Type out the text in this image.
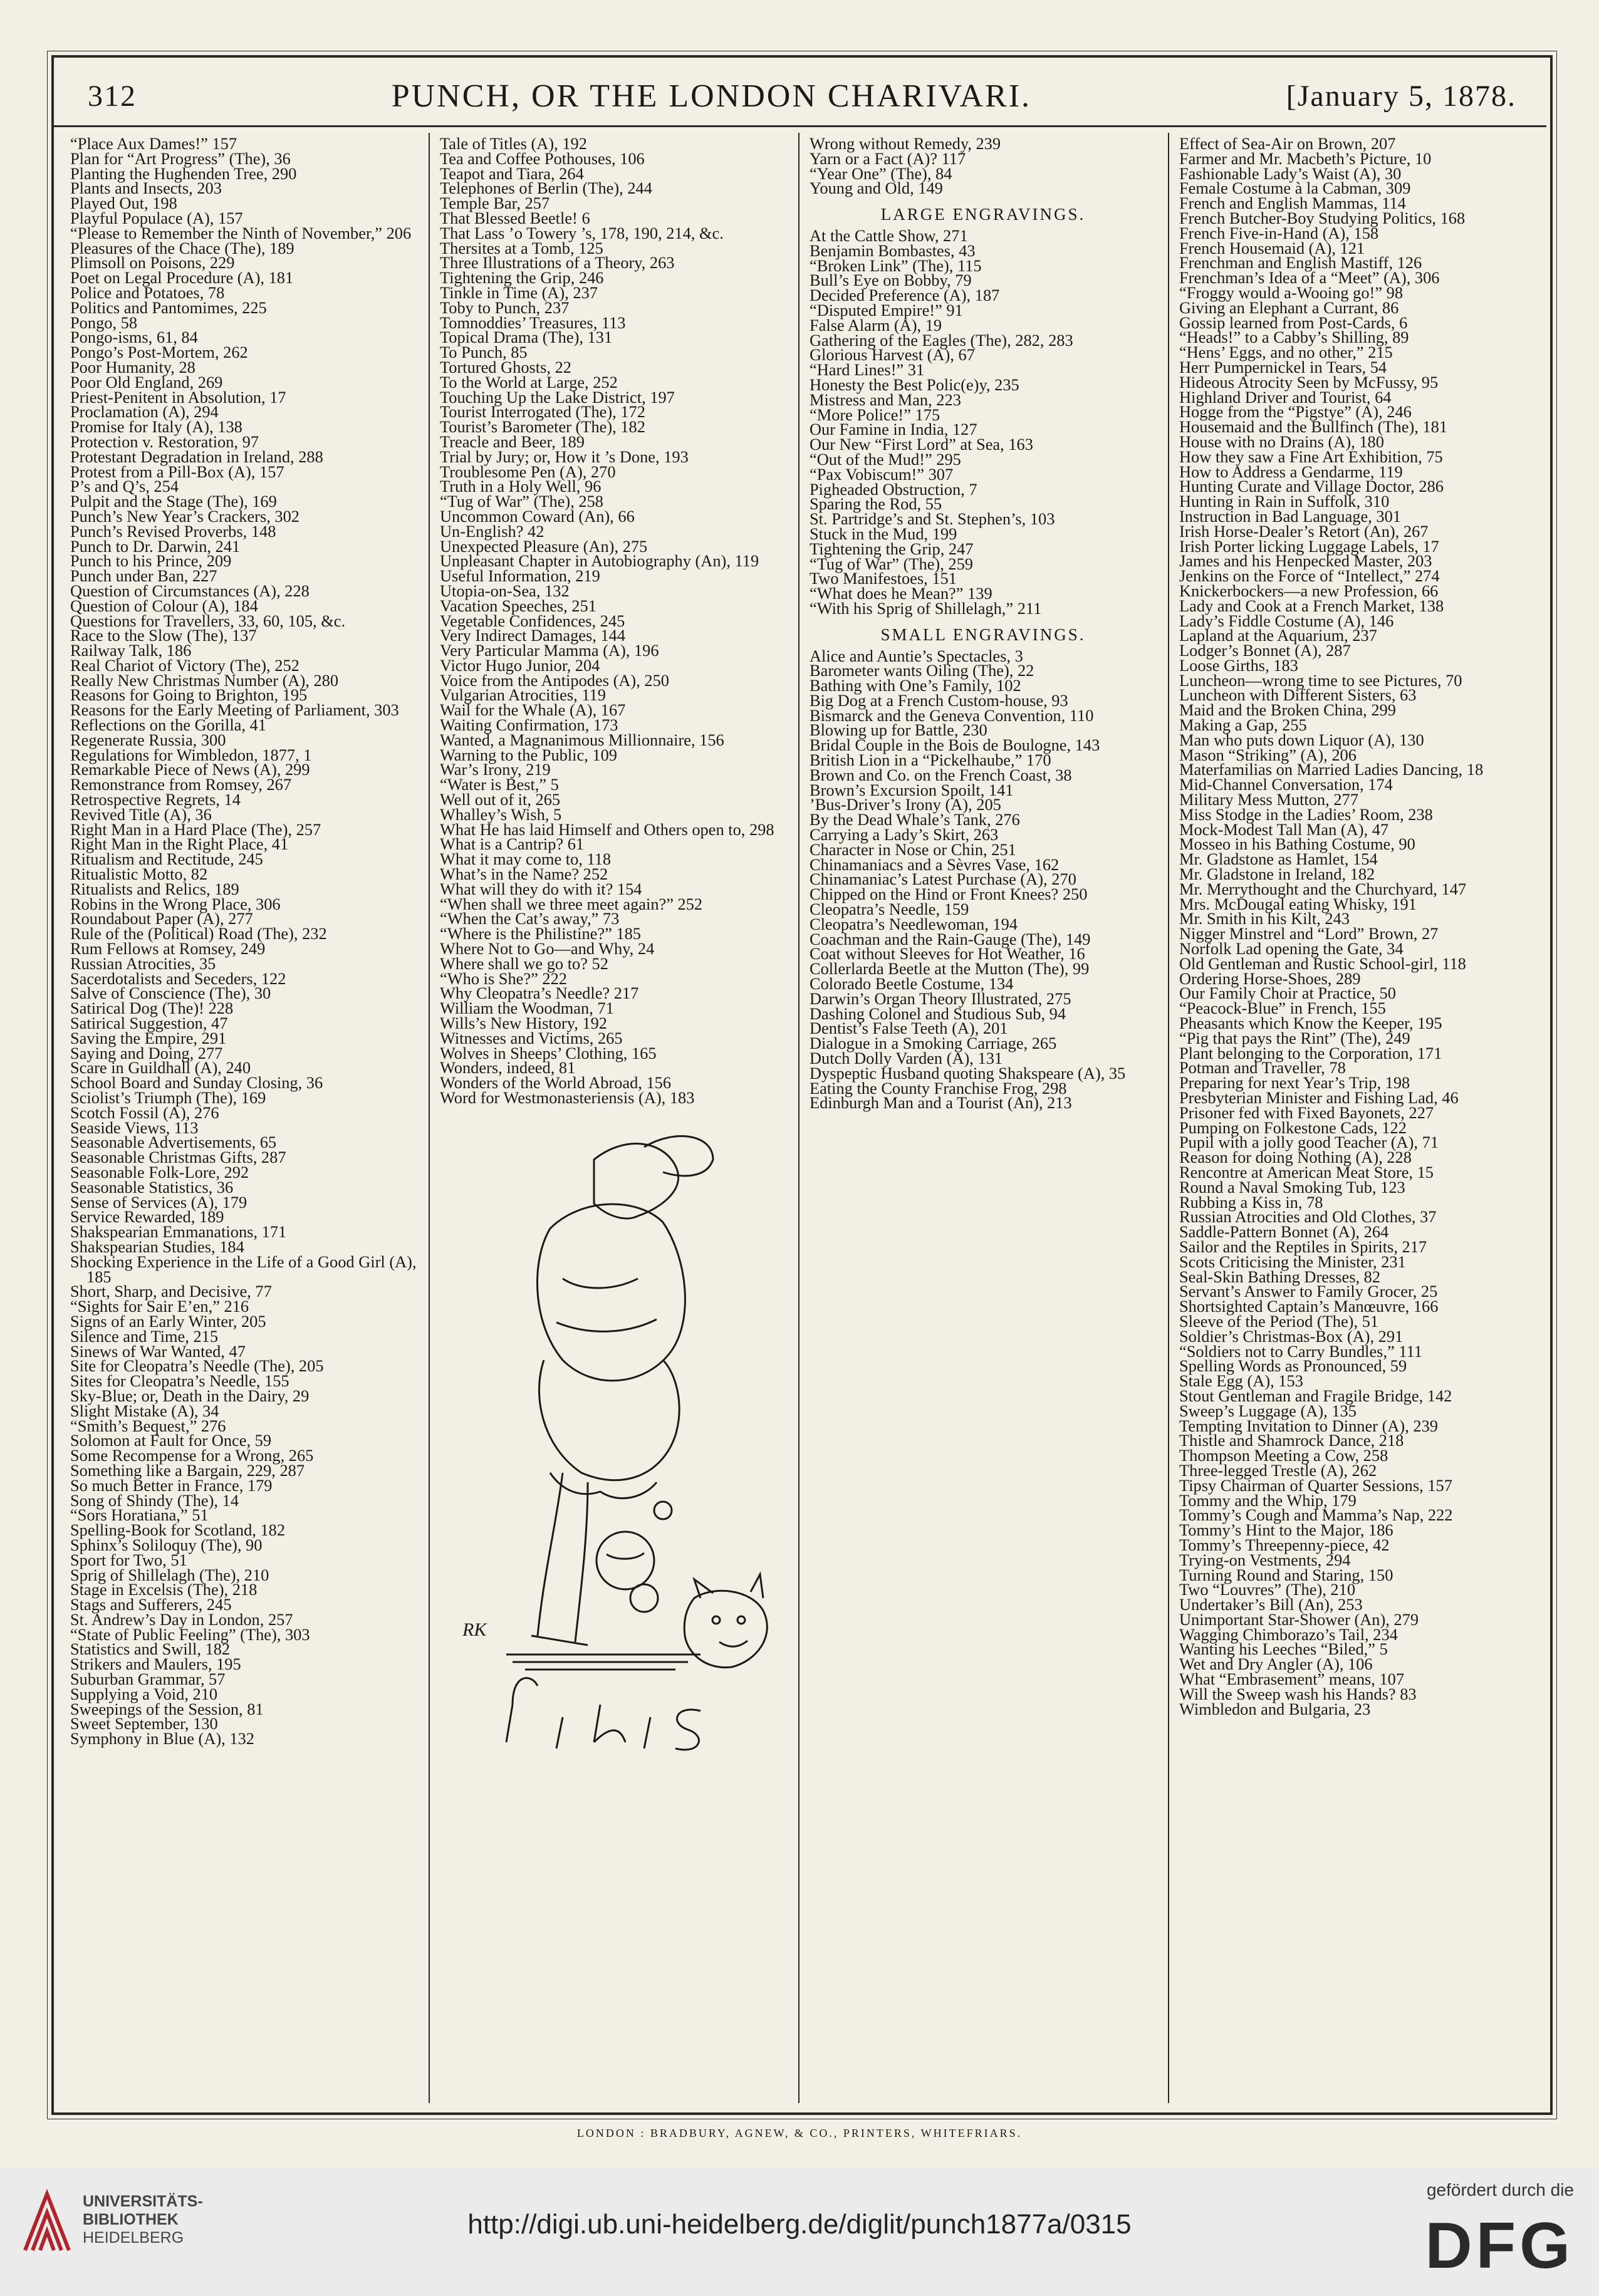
312	PUNCH, OR THE LONDON CHARIVARI.	[January 5, 1878.

“Place Aux Dames!” 157

Plan for “Art Progress” (The), 36

Planting the Hughenden Tree, 290

Plants and Insects, 203

Played Out, 198

Playful Populace (A), 157

“Please to Remember the Ninth of November,” 206

Pleasures of the Chace (The), 189

Plimsoll on Poisons, 229

Poet on Legal Procedure (A), 181

Police and Potatoes, 78

Politics and Pantomimes, 225

Pongo, 58

Pongo-isms, 61, 84

Pongo’s Post-Mortem, 262

Poor Humanity, 28

Poor Old England, 269

Priest-Penitent in Absolution, 17

Proclamation (A), 294

Promise for Italy (A), 138

Protection v. Restoration, 97

Protestant Degradation in Ireland, 288

Protest from a Pill-Box (A), 157

P’s and Q’s, 254

Pulpit and the Stage (The), 169

Punch’s New Year’s Crackers, 302

Punch’s Revised Proverbs, 148

Punch to Dr. Darwin, 241

Punch to his Prince, 209

Punch under Ban, 227

Question of Circumstances (A), 228

Question of Colour (A), 184

Questions for Travellers, 33, 60, 105, &c.

Race to the Slow (The), 137

Railway Talk, 186

Real Chariot of Victory (The), 252

Really New Christmas Number (A), 280

Reasons for Going to Brighton, 195

Reasons for the Early Meeting of Parliament, 303

Reflections on the Gorilla, 41

Regenerate Russia, 300

Regulations for Wimbledon, 1877, 1

Remarkable Piece of News (A), 299

Remonstrance from Romsey, 267

Retrospective Regrets, 14

Revived Title (A), 36

Right Man in a Hard Place (The), 257

Right Man in the Right Place, 41

Ritualism and Rectitude, 245

Ritualistic Motto, 82

Ritualists and Relics, 189

Robins in the Wrong Place, 306

Roundabout Paper (A), 277

Rule of the (Political) Road (The), 232

Rum Fellows at Romsey, 249

Russian Atrocities, 35

Sacerdotalists and Seceders, 122

Salve of Conscience (The), 30

Satirical Dog (The)! 228

Satirical Suggestion, 47

Saving the Empire, 291

Saying and Doing, 277

Scare in Guildhall (A), 240

School Board and Sunday Closing, 36

Sciolist’s Triumph (The), 169

Scotch Fossil (A), 276

Seaside Views, 113

Seasonable Advertisements, 65

Seasonable Christmas Gifts, 287

Seasonable Folk-Lore, 292

Seasonable Statistics, 36

Sense of Services (A), 179

Service Rewarded, 189

Shakspearian Emmanations, 171

Shakspearian Studies, 184

Shocking Experience in the Life of a Good Girl (A), 185

Short, Sharp, and Decisive, 77

“Sights for Sair E’en,” 216

Signs of an Early Winter, 205

Silence and Time, 215

Sinews of War Wanted, 47

Site for Cleopatra’s Needle (The), 205

Sites for Cleopatra’s Needle, 155

Sky-Blue; or, Death in the Dairy, 29

Slight Mistake (A), 34

“Smith’s Bequest,” 276

Solomon at Fault for Once, 59

Some Recompense for a Wrong, 265

Something like a Bargain, 229, 287

So much Better in France, 179

Song of Shindy (The), 14

“Sors Horatiana,” 51

Spelling-Book for Scotland, 182

Sphinx’s Soliloquy (The), 90

Sport for Two, 51

Sprig of Shillelagh (The), 210

Stage in Excelsis (The), 218

Stags and Sufferers, 245

St. Andrew’s Day in London, 257

“State of Public Feeling” (The), 303

Statistics and Swill, 182

Strikers and Maulers, 195

Suburban Grammar, 57

Supplying a Void, 210

Sweepings of the Session, 81

Sweet September, 130

Symphony in Blue (A), 132

Tale of Titles (A), 192

Tea and Coffee Pothouses, 106

Teapot and Tiara, 264

Telephones of Berlin (The), 244

Temple Bar, 257

That Blessed Beetle! 6

That Lass ’o Towery ’s, 178, 190, 214, &c.

Thersites at a Tomb, 125

Three Illustrations of a Theory, 263

Tightening the Grip, 246

Tinkle in Time (A), 237

Toby to Punch, 237

Tomnoddies’ Treasures, 113

Topical Drama (The), 131

To Punch, 85

Tortured Ghosts, 22

To the World at Large, 252

Touching Up the Lake District, 197

Tourist Interrogated (The), 172

Tourist’s Barometer (The), 182

Treacle and Beer, 189

Trial by Jury; or, How it ’s Done, 193

Troublesome Pen (A), 270

Truth in a Holy Well, 96

“Tug of War” (The), 258

Uncommon Coward (An), 66

Un-English? 42

Unexpected Pleasure (An), 275

Unpleasant Chapter in Autobiography (An), 119

Useful Information, 219

Utopia-on-Sea, 132

Vacation Speeches, 251

Vegetable Confidences, 245

Very Indirect Damages, 144

Very Particular Mamma (A), 196

Victor Hugo Junior, 204

Voice from the Antipodes (A), 250

Vulgarian Atrocities, 119

Wail for the Whale (A), 167

Waiting Confirmation, 173

Wanted, a Magnanimous Millionnaire, 156

Warning to the Public, 109

War’s Irony, 219

“Water is Best,” 5

Well out of it, 265

Whalley’s Wish, 5

What He has laid Himself and Others open to, 298

What is a Cantrip? 61

What it may come to, 118

What’s in the Name? 252

What will they do with it? 154

“When shall we three meet again?” 252

“When the Cat’s away,” 73

“Where is the Philistine?” 185

Where Not to Go—and Why, 24

Where shall we go to? 52

“Who is She?” 222

Why Cleopatra’s Needle? 217

William the Woodman, 71

Wills’s New History, 192

Witnesses and Victims, 265

Wolves in Sheeps’ Clothing, 165

Wonders, indeed, 81

Wonders of the World Abroad, 156

Word for Westmonasteriensis (A), 183

RK

Wrong without Remedy, 239

Yarn or a Fact (A)? 117

“Year One” (The), 84

Young and Old, 149

LARGE ENGRAVINGS.

At the Cattle Show, 271

Benjamin Bombastes, 43

“Broken Link” (The), 115

Bull’s Eye on Bobby, 79

Decided Preference (A), 187

“Disputed Empire!” 91

False Alarm (A), 19

Gathering of the Eagles (The), 282, 283

Glorious Harvest (A), 67

“Hard Lines!” 31

Honesty the Best Polic(e)y, 235

Mistress and Man, 223

“More Police!” 175

Our Famine in India, 127

Our New “First Lord” at Sea, 163

“Out of the Mud!” 295

“Pax Vobiscum!” 307

Pigheaded Obstruction, 7

Sparing the Rod, 55

St. Partridge’s and St. Stephen’s, 103

Stuck in the Mud, 199

Tightening the Grip, 247

“Tug of War” (The), 259

Two Manifestoes, 151

“What does he Mean?” 139

“With his Sprig of Shillelagh,” 211

SMALL ENGRAVINGS.

Alice and Auntie’s Spectacles, 3

Barometer wants Oiling (The), 22

Bathing with One’s Family, 102

Big Dog at a French Custom-house, 93

Bismarck and the Geneva Convention, 110

Blowing up for Battle, 230

Bridal Couple in the Bois de Boulogne, 143

British Lion in a “Pickelhaube,” 170

Brown and Co. on the French Coast, 38

Brown’s Excursion Spoilt, 141

’Bus-Driver’s Irony (A), 205

By the Dead Whale’s Tank, 276

Carrying a Lady’s Skirt, 263

Character in Nose or Chin, 251

Chinamaniacs and a Sèvres Vase, 162

Chinamaniac’s Latest Purchase (A), 270

Chipped on the Hind or Front Knees? 250

Cleopatra’s Needle, 159

Cleopatra’s Needlewoman, 194

Coachman and the Rain-Gauge (The), 149

Coat without Sleeves for Hot Weather, 16

Collerlarda Beetle at the Mutton (The), 99

Colorado Beetle Costume, 134

Darwin’s Organ Theory Illustrated, 275

Dashing Colonel and Studious Sub, 94

Dentist’s False Teeth (A), 201

Dialogue in a Smoking Carriage, 265

Dutch Dolly Varden (A), 131

Dyspeptic Husband quoting Shakspeare (A), 35

Eating the County Franchise Frog, 298

Edinburgh Man and a Tourist (An), 213

Effect of Sea-Air on Brown, 207

Farmer and Mr. Macbeth’s Picture, 10

Fashionable Lady’s Waist (A), 30

Female Costume à la Cabman, 309

French and English Mammas, 114

French Butcher-Boy Studying Politics, 168

French Five-in-Hand (A), 158

French Housemaid (A), 121

Frenchman and English Mastiff, 126

Frenchman’s Idea of a “Meet” (A), 306

“Froggy would a-Wooing go!” 98

Giving an Elephant a Currant, 86

Gossip learned from Post-Cards, 6

“Heads!” to a Cabby’s Shilling, 89

“Hens’ Eggs, and no other,” 215

Herr Pumpernickel in Tears, 54

Hideous Atrocity Seen by McFussy, 95

Highland Driver and Tourist, 64

Hogge from the “Pigstye” (A), 246

Housemaid and the Bullfinch (The), 181

House with no Drains (A), 180

How they saw a Fine Art Exhibition, 75

How to Address a Gendarme, 119

Hunting Curate and Village Doctor, 286

Hunting in Rain in Suffolk, 310

Instruction in Bad Language, 301

Irish Horse-Dealer’s Retort (An), 267

Irish Porter licking Luggage Labels, 17

James and his Henpecked Master, 203

Jenkins on the Force of “Intellect,” 274

Knickerbockers—a new Profession, 66

Lady and Cook at a French Market, 138

Lady’s Fiddle Costume (A), 146

Lapland at the Aquarium, 237

Lodger’s Bonnet (A), 287

Loose Girths, 183

Luncheon—wrong time to see Pictures, 70

Luncheon with Different Sisters, 63

Maid and the Broken China, 299

Making a Gap, 255

Man who puts down Liquor (A), 130

Mason “Striking” (A), 206

Materfamilias on Married Ladies Dancing, 18

Mid-Channel Conversation, 174

Military Mess Mutton, 277

Miss Stodge in the Ladies’ Room, 238

Mock-Modest Tall Man (A), 47

Mosseo in his Bathing Costume, 90

Mr. Gladstone as Hamlet, 154

Mr. Gladstone in Ireland, 182

Mr. Merrythought and the Churchyard, 147

Mrs. McDougal eating Whisky, 191

Mr. Smith in his Kilt, 243

Nigger Minstrel and “Lord” Brown, 27

Norfolk Lad opening the Gate, 34

Old Gentleman and Rustic School-girl, 118

Ordering Horse-Shoes, 289

Our Family Choir at Practice, 50

“Peacock-Blue” in French, 155

Pheasants which Know the Keeper, 195

“Pig that pays the Rint” (The), 249

Plant belonging to the Corporation, 171

Potman and Traveller, 78

Preparing for next Year’s Trip, 198

Presbyterian Minister and Fishing Lad, 46

Prisoner fed with Fixed Bayonets, 227

Pumping on Folkestone Cads, 122

Pupil with a jolly good Teacher (A), 71

Reason for doing Nothing (A), 228

Rencontre at American Meat Store, 15

Round a Naval Smoking Tub, 123

Rubbing a Kiss in, 78

Russian Atrocities and Old Clothes, 37

Saddle-Pattern Bonnet (A), 264

Sailor and the Reptiles in Spirits, 217

Scots Criticising the Minister, 231

Seal-Skin Bathing Dresses, 82

Servant’s Answer to Family Grocer, 25

Shortsighted Captain’s Manœuvre, 166

Sleeve of the Period (The), 51

Soldier’s Christmas-Box (A), 291

“Soldiers not to Carry Bundles,” 111

Spelling Words as Pronounced, 59

Stale Egg (A), 153

Stout Gentleman and Fragile Bridge, 142

Sweep’s Luggage (A), 135

Tempting Invitation to Dinner (A), 239

Thistle and Shamrock Dance, 218

Thompson Meeting a Cow, 258

Three-legged Trestle (A), 262

Tipsy Chairman of Quarter Sessions, 157

Tommy and the Whip, 179

Tommy’s Cough and Mamma’s Nap, 222

Tommy’s Hint to the Major, 186

Tommy’s Threepenny-piece, 42

Trying-on Vestments, 294

Turning Round and Staring, 150

Two “Louvres” (The), 210

Undertaker’s Bill (An), 253

Unimportant Star-Shower (An), 279

Wagging Chimborazo’s Tail, 234

Wanting his Leeches “Biled,” 5

Wet and Dry Angler (A), 106

What “Embrasement” means, 107

Will the Sweep wash his Hands? 83

Wimbledon and Bulgaria, 23

LONDON : BRADBURY, AGNEW, & CO., PRINTERS, WHITEFRIARS.
UNIVERSITÄTS-
BIBLIOTHEK
HEIDELBERG	http://digi.ub.uni-heidelberg.de/diglit/punch1877a/0315
gefördert durch die
DFG
